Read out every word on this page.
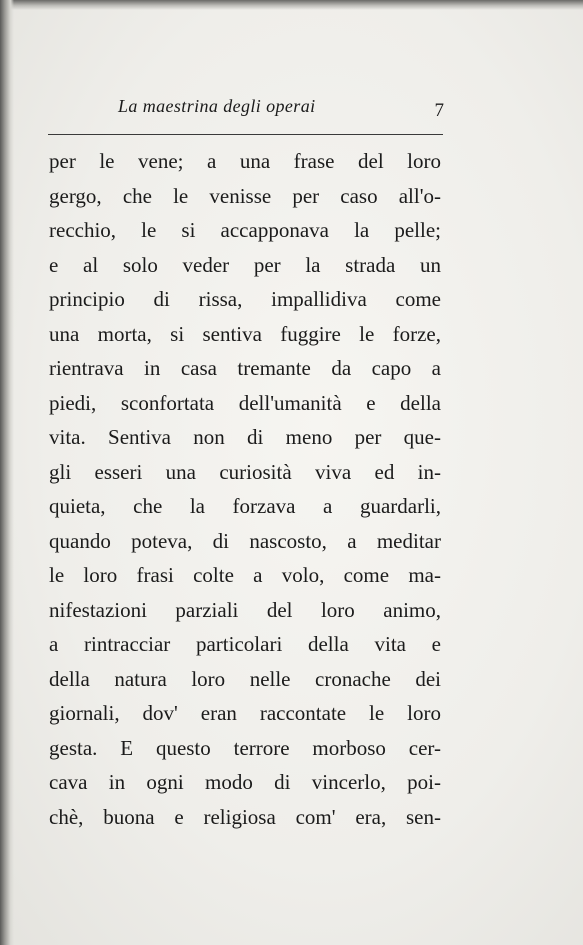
La maestrina degli operai	7
per le vene; a una frase del loro
gergo, che le venisse per caso all'o-
recchio, le si accapponava la pelle;
e al solo veder per la strada un
principio di rissa, impallidiva come
una morta, si sentiva fuggire le forze,
rientrava in casa tremante da capo a
piedi, sconfortata dell'umanità e della
vita. Sentiva non di meno per que-
gli esseri una curiosità viva ed in-
quieta, che la forzava a guardarli,
quando poteva, di nascosto, a meditar
le loro frasi colte a volo, come ma-
nifestazioni parziali del loro animo,
a rintracciar particolari della vita e
della natura loro nelle cronache dei
giornali, dov' eran raccontate le loro
gesta. E questo terrore morboso cer-
cava in ogni modo di vincerlo, poi-
chè, buona e religiosa com' era, sen-
